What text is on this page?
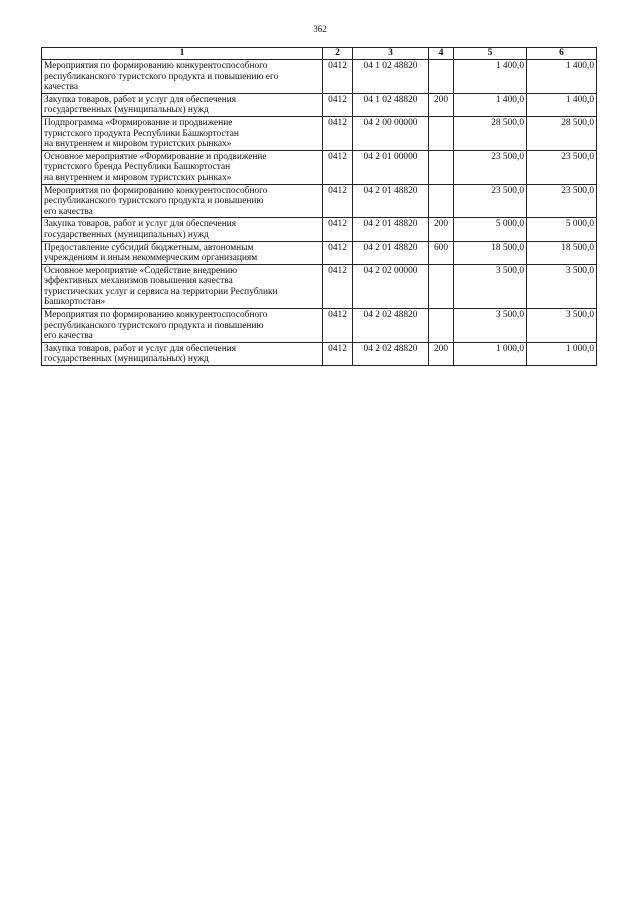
362
1	2	3	4	5	6

Мероприятия по формированию конкурентоспособного
республиканского туристского продукта и повышению его
качества	0412	04 1 02 48820		1 400,0	1 400,0

Закупка товаров, работ и услуг для обеспечения
государственных (муниципальных) нужд	0412	04 1 02 48820	200	1 400,0	1 400,0

Подпрограмма «Формирование и продвижение
туристского продукта Республики Башкортостан
на внутреннем и мировом туристских рынках»	0412	04 2 00 00000		28 500,0	28 500,0

Основное мероприятие «Формирование и продвижение
туристского бренда Республики Башкортостан
на внутреннем и мировом туристских рынках»	0412	04 2 01 00000		23 500,0	23 500,0

Мероприятия по формированию конкурентоспособного
республиканского туристского продукта и повышению
его качества	0412	04 2 01 48820		23 500,0	23 500,0

Закупка товаров, работ и услуг для обеспечения
государственных (муниципальных) нужд	0412	04 2 01 48820	200	5 000,0	5 000,0

Предоставление субсидий бюджетным, автономным
учреждениям и иным некоммерческим организациям	0412	04 2 01 48820	600	18 500,0	18 500,0

Основное мероприятие «Содействие внедрению
эффективных механизмов повышения качества
туристических услуг и сервиса на территории Республики
Башкортостан»	0412	04 2 02 00000		3 500,0	3 500,0

Мероприятия по формированию конкурентоспособного
республиканского туристского продукта и повышению
его качества	0412	04 2 02 48820		3 500,0	3 500,0

Закупка товаров, работ и услуг для обеспечения
государственных (муниципальных) нужд	0412	04 2 02 48820	200	1 000,0	1 000,0
